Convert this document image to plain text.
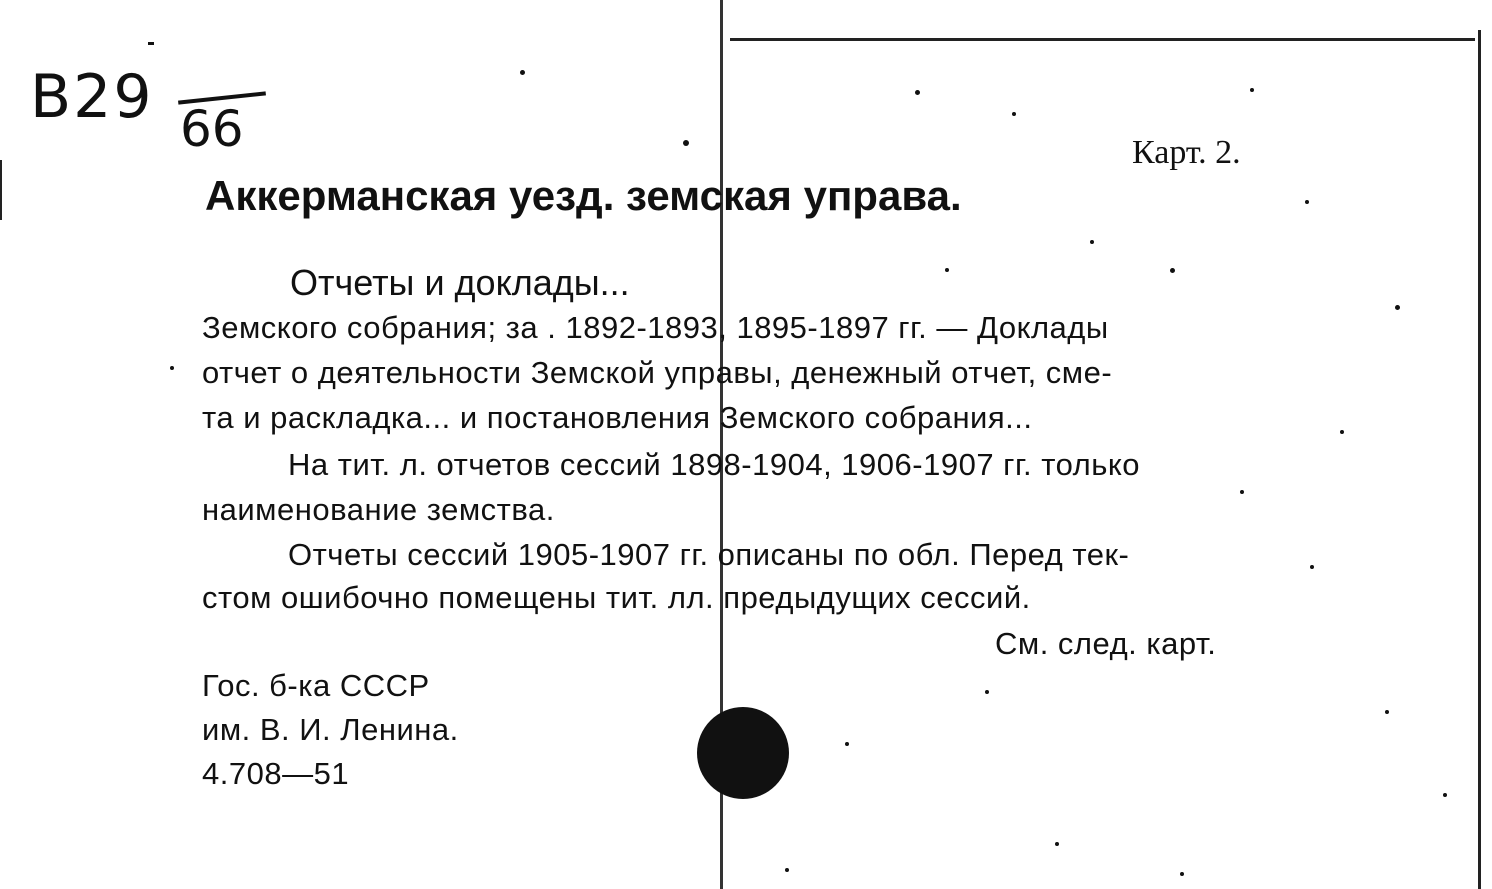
В29 66	Карт. 2.
Аккерманская уезд. земская управа.
Отчеты и доклады...
Земского собрания; за . 1892-1893, 1895-1897 гг. — Доклады
отчет о деятельности Земской управы, денежный отчет, сме-
та и раскладка... и постановления Земского собрания...
На тит. л. отчетов сессий 1898-1904, 1906-1907 гг. только
наименование земства.
Отчеты сессий 1905-1907 гг. описаны по обл. Перед тек-
стом ошибочно помещены тит. лл. предыдущих сессий.
См. след. карт.
Гос. б-ка СССР
им. В. И. Ленина.
4.708—51
